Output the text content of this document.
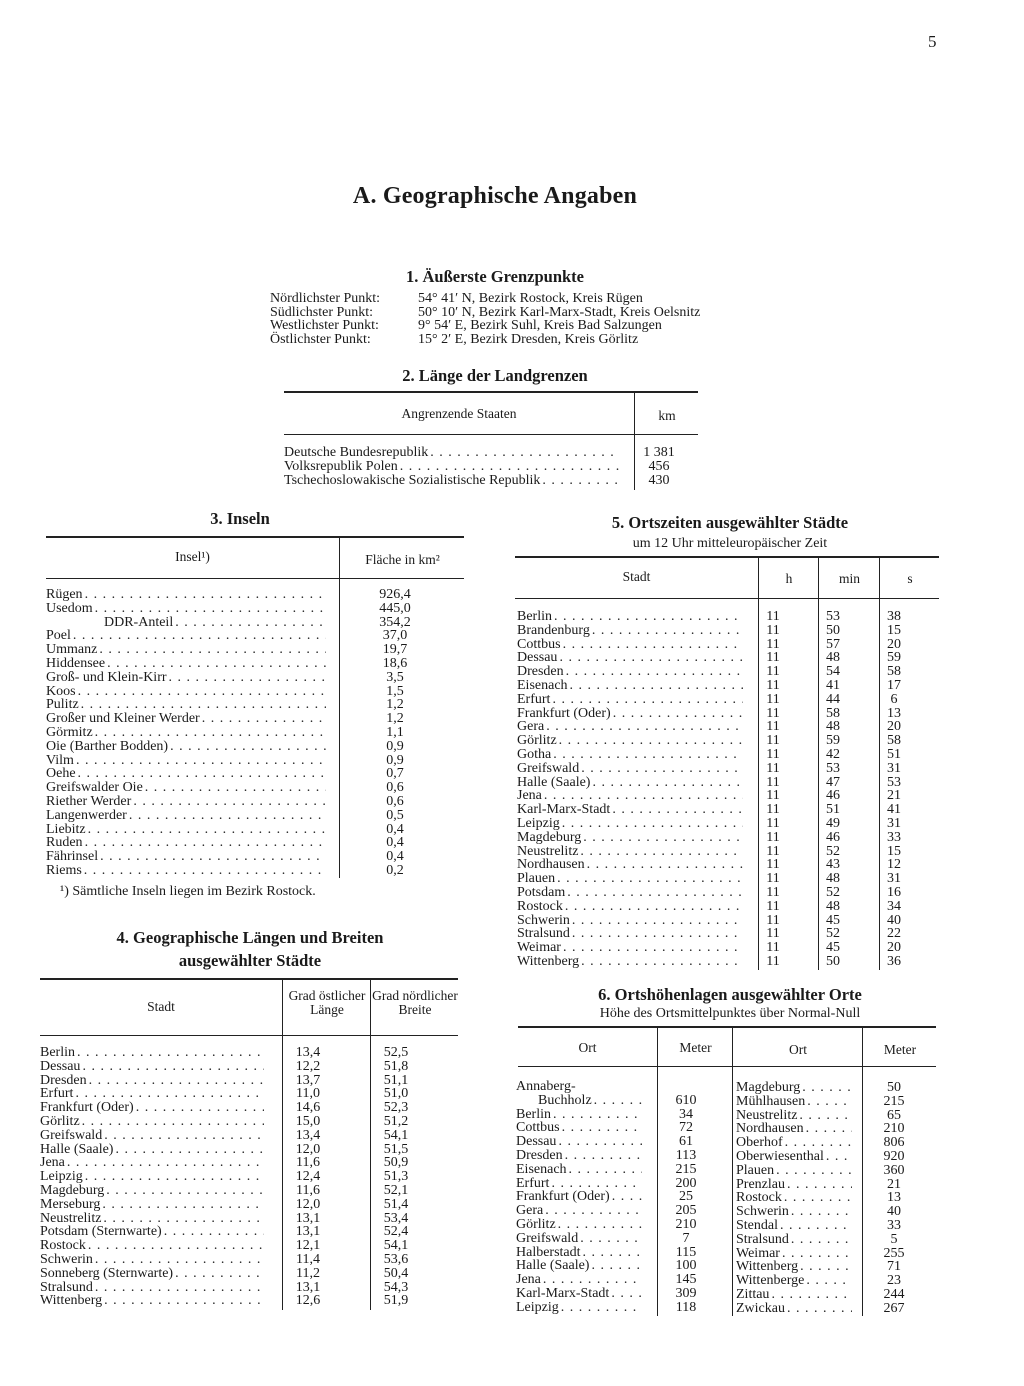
5
A. Geographische Angaben
1. Äußerste Grenzpunkte
Nördlichster Punkt:	54° 41′ N, Bezirk Rostock, Kreis Rügen
Südlichster Punkt:	50° 10′ N, Bezirk Karl-Marx-Stadt, Kreis Oelsnitz
Westlichster Punkt:	9° 54′ E, Bezirk Suhl, Kreis Bad Salzungen
Östlichster Punkt:	15° 2′ E, Bezirk Dresden, Kreis Görlitz
2. Länge der Landgrenzen
Angrenzende Staaten	km
Deutsche Bundesrepublik . . .	1 381
Volksrepublik Polen . . .	456
Tschechoslowakische Sozialistische Republik . . .	430
3. Inseln
Insel¹)	Fläche in km²
Rügen . . .	926,4
Usedom . . .	445,0
DDR-Anteil . . .	354,2
Poel . . .	37,0
Ummanz . . .	19,7
Hiddensee . . .	18,6
Groß- und Klein-Kirr . . .	3,5
Koos . . .	1,5
Pulitz . . .	1,2
Großer und Kleiner Werder . . .	1,2
Görmitz . . .	1,1
Oie (Barther Bodden) . . .	0,9
Vilm . . .	0,9
Oehe . . .	0,7
Greifswalder Oie . . .	0,6
Riether Werder . . .	0,6
Langenwerder . . .	0,5
Liebitz . . .	0,4
Ruden . . .	0,4
Fährinsel . . .	0,4
Riems . . .	0,2
¹) Sämtliche Inseln liegen im Bezirk Rostock.
4. Geographische Längen und Breiten
ausgewählter Städte
Stadt
Grad östlicher Länge
Grad nördlicher Breite
Berlin . . .	13,4	52,5
Dessau . . .	12,2	51,8
Dresden . . .	13,7	51,1
Erfurt . . .	11,0	51,0
Frankfurt (Oder) . . .	14,6	52,3
Görlitz . . .	15,0	51,2
Greifswald . . .	13,4	54,1
Halle (Saale) . . .	12,0	51,5
Jena . . .	11,6	50,9
Leipzig . . .	12,4	51,3
Magdeburg . . .	11,6	52,1
Merseburg . . .	12,0	51,4
Neustrelitz . . .	13,1	53,4
Potsdam (Sternwarte) . . .	13,1	52,4
Rostock . . .	12,1	54,1
Schwerin . . .	11,4	53,6
Sonneberg (Sternwarte) . . .	11,2	50,4
Stralsund . . .	13,1	54,3
Wittenberg . . .	12,6	51,9
5. Ortszeiten ausgewählter Städte
um 12 Uhr mitteleuropäischer Zeit
Stadt	h	min	s
Berlin . . .	11	53	38
Brandenburg . . .	11	50	15
Cottbus . . .	11	57	20
Dessau . . .	11	48	59
Dresden . . .	11	54	58
Eisenach . . .	11	41	17
Erfurt . . .	11	44	6
Frankfurt (Oder) . . .	11	58	13
Gera . . .	11	48	20
Görlitz . . .	11	59	58
Gotha . . .	11	42	51
Greifswald . . .	11	53	31
Halle (Saale) . . .	11	47	53
Jena . . .	11	46	21
Karl-Marx-Stadt . . .	11	51	41
Leipzig . . .	11	49	31
Magdeburg . . .	11	46	33
Neustrelitz . . .	11	52	15
Nordhausen . . .	11	43	12
Plauen . . .	11	48	31
Potsdam . . .	11	52	16
Rostock . . .	11	48	34
Schwerin . . .	11	45	40
Stralsund . . .	11	52	22
Weimar . . .	11	45	20
Wittenberg . . .	11	50	36
6. Ortshöhenlagen ausgewählter Orte
Höhe des Ortsmittelpunktes über Normal-Null
Ort	Meter	Ort	Meter
Annaberg-
Buchholz . . .	610
Berlin . . .	34
Cottbus . . .	72
Dessau . . .	61
Dresden . . .	113
Eisenach . . .	215
Erfurt . . .	200
Frankfurt (Oder) . . .	25
Gera . . .	205
Görlitz . . .	210
Greifswald . . .	7
Halberstadt . . .	115
Halle (Saale) . . .	100
Jena . . .	145
Karl-Marx-Stadt . . .	309
Leipzig . . .	118
Magdeburg . . .	50
Mühlhausen . . .	215
Neustrelitz . . .	65
Nordhausen . . .	210
Oberhof . . .	806
Oberwiesenthal . . .	920
Plauen . . .	360
Prenzlau . . .	21
Rostock . . .	13
Schwerin . . .	40
Stendal . . .	33
Stralsund . . .	5
Weimar . . .	255
Wittenberg . . .	71
Wittenberge . . .	23
Zittau . . .	244
Zwickau . . .	267
